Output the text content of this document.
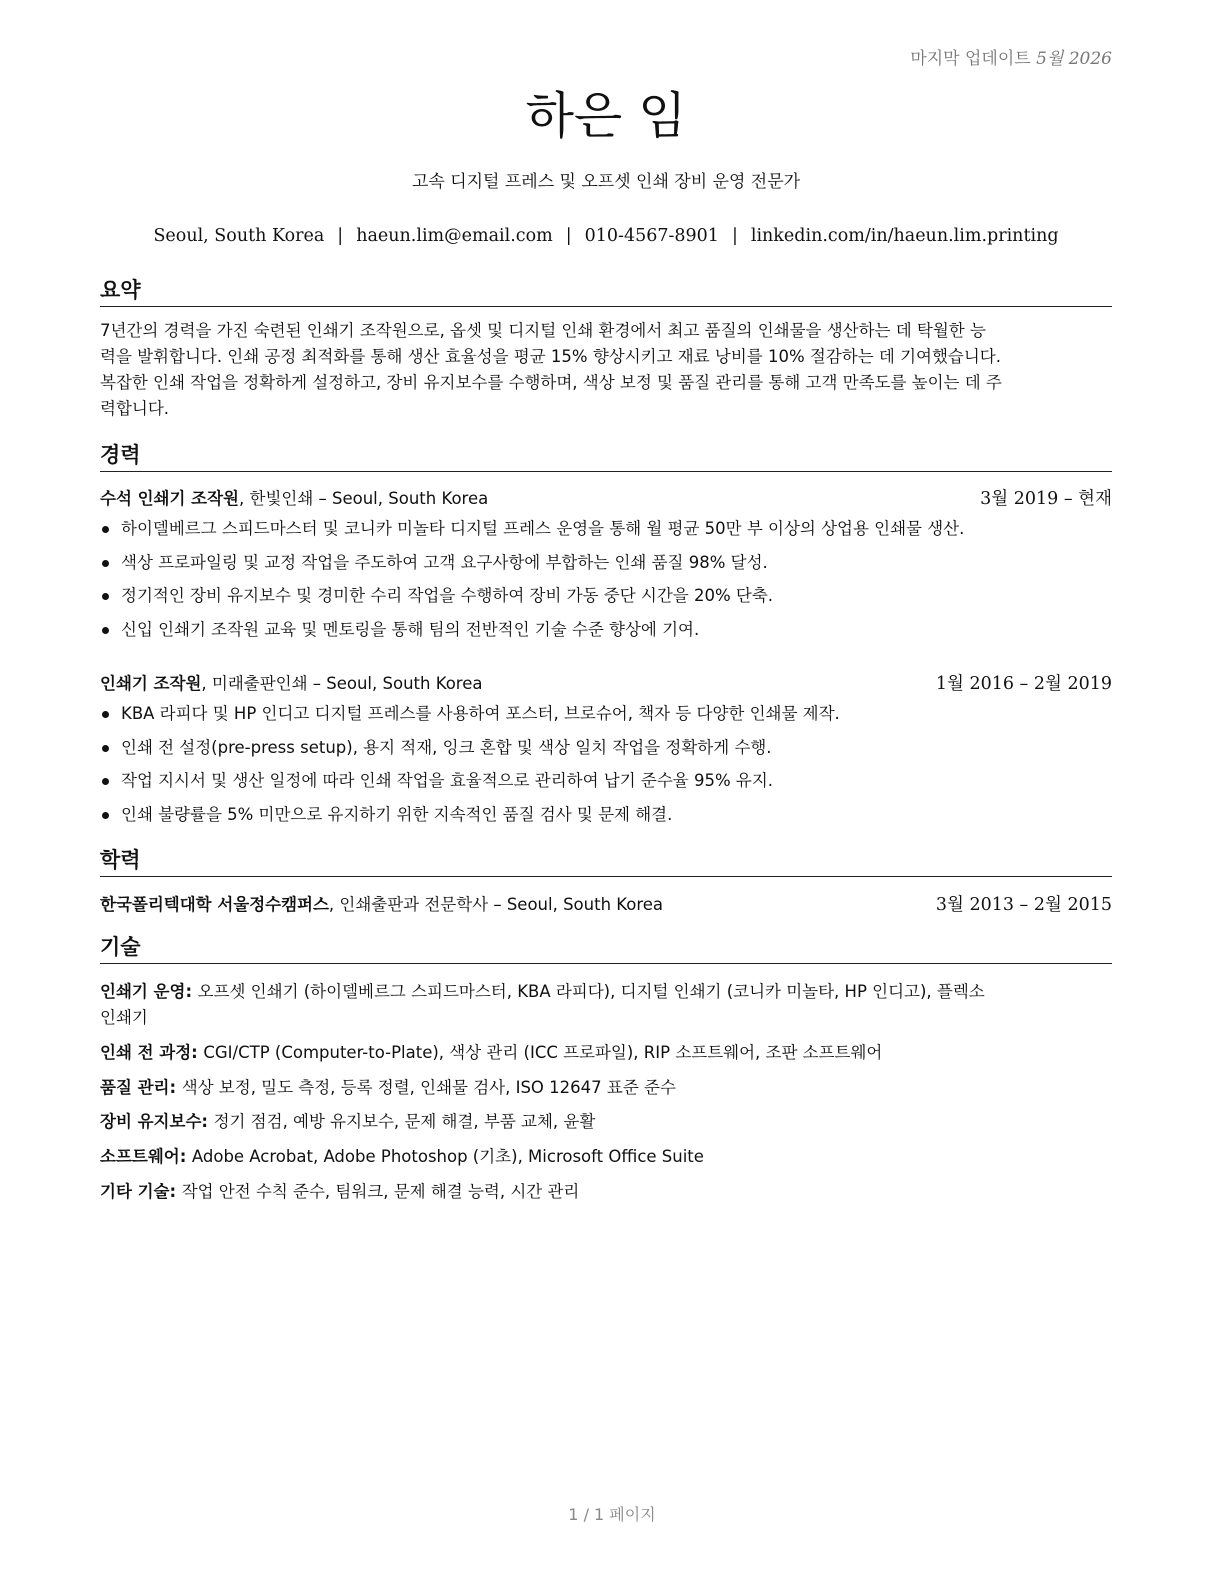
마지막 업데이트 5월 2026
하은 임
고속 디지털 프레스 및 오프셋 인쇄 장비 운영 전문가
Seoul, South Korea | haeun.lim@email.com | 010-4567-8901 | linkedin.com/in/haeun.lim.printing
요약
7년간의 경력을 가진 숙련된 인쇄기 조작원으로, 옵셋 및 디지털 인쇄 환경에서 최고 품질의 인쇄물을 생산하는 데 탁월한 능
력을 발휘합니다. 인쇄 공정 최적화를 통해 생산 효율성을 평균 15% 향상시키고 재료 낭비를 10% 절감하는 데 기여했습니다.
복잡한 인쇄 작업을 정확하게 설정하고, 장비 유지보수를 수행하며, 색상 보정 및 품질 관리를 통해 고객 만족도를 높이는 데 주
력합니다.
경력
수석 인쇄기 조작원, 한빛인쇄 – Seoul, South Korea	3월 2019 – 현재
하이델베르그 스피드마스터 및 코니카 미놀타 디지털 프레스 운영을 통해 월 평균 50만 부 이상의 상업용 인쇄물 생산.
색상 프로파일링 및 교정 작업을 주도하여 고객 요구사항에 부합하는 인쇄 품질 98% 달성.
정기적인 장비 유지보수 및 경미한 수리 작업을 수행하여 장비 가동 중단 시간을 20% 단축.
신입 인쇄기 조작원 교육 및 멘토링을 통해 팀의 전반적인 기술 수준 향상에 기여.
인쇄기 조작원, 미래출판인쇄 – Seoul, South Korea	1월 2016 – 2월 2019
KBA 라피다 및 HP 인디고 디지털 프레스를 사용하여 포스터, 브로슈어, 책자 등 다양한 인쇄물 제작.
인쇄 전 설정(pre-press setup), 용지 적재, 잉크 혼합 및 색상 일치 작업을 정확하게 수행.
작업 지시서 및 생산 일정에 따라 인쇄 작업을 효율적으로 관리하여 납기 준수율 95% 유지.
인쇄 불량률을 5% 미만으로 유지하기 위한 지속적인 품질 검사 및 문제 해결.
학력
한국폴리텍대학 서울정수캠퍼스, 인쇄출판과 전문학사 – Seoul, South Korea	3월 2013 – 2월 2015
기술
인쇄기 운영: 오프셋 인쇄기 (하이델베르그 스피드마스터, KBA 라피다), 디지털 인쇄기 (코니카 미놀타, HP 인디고), 플렉소
인쇄기
인쇄 전 과정: CGI/CTP (Computer-to-Plate), 색상 관리 (ICC 프로파일), RIP 소프트웨어, 조판 소프트웨어
품질 관리: 색상 보정, 밀도 측정, 등록 정렬, 인쇄물 검사, ISO 12647 표준 준수
장비 유지보수: 정기 점검, 예방 유지보수, 문제 해결, 부품 교체, 윤활
소프트웨어: Adobe Acrobat, Adobe Photoshop (기초), Microsoft Office Suite
기타 기술: 작업 안전 수칙 준수, 팀워크, 문제 해결 능력, 시간 관리
1 / 1 페이지
